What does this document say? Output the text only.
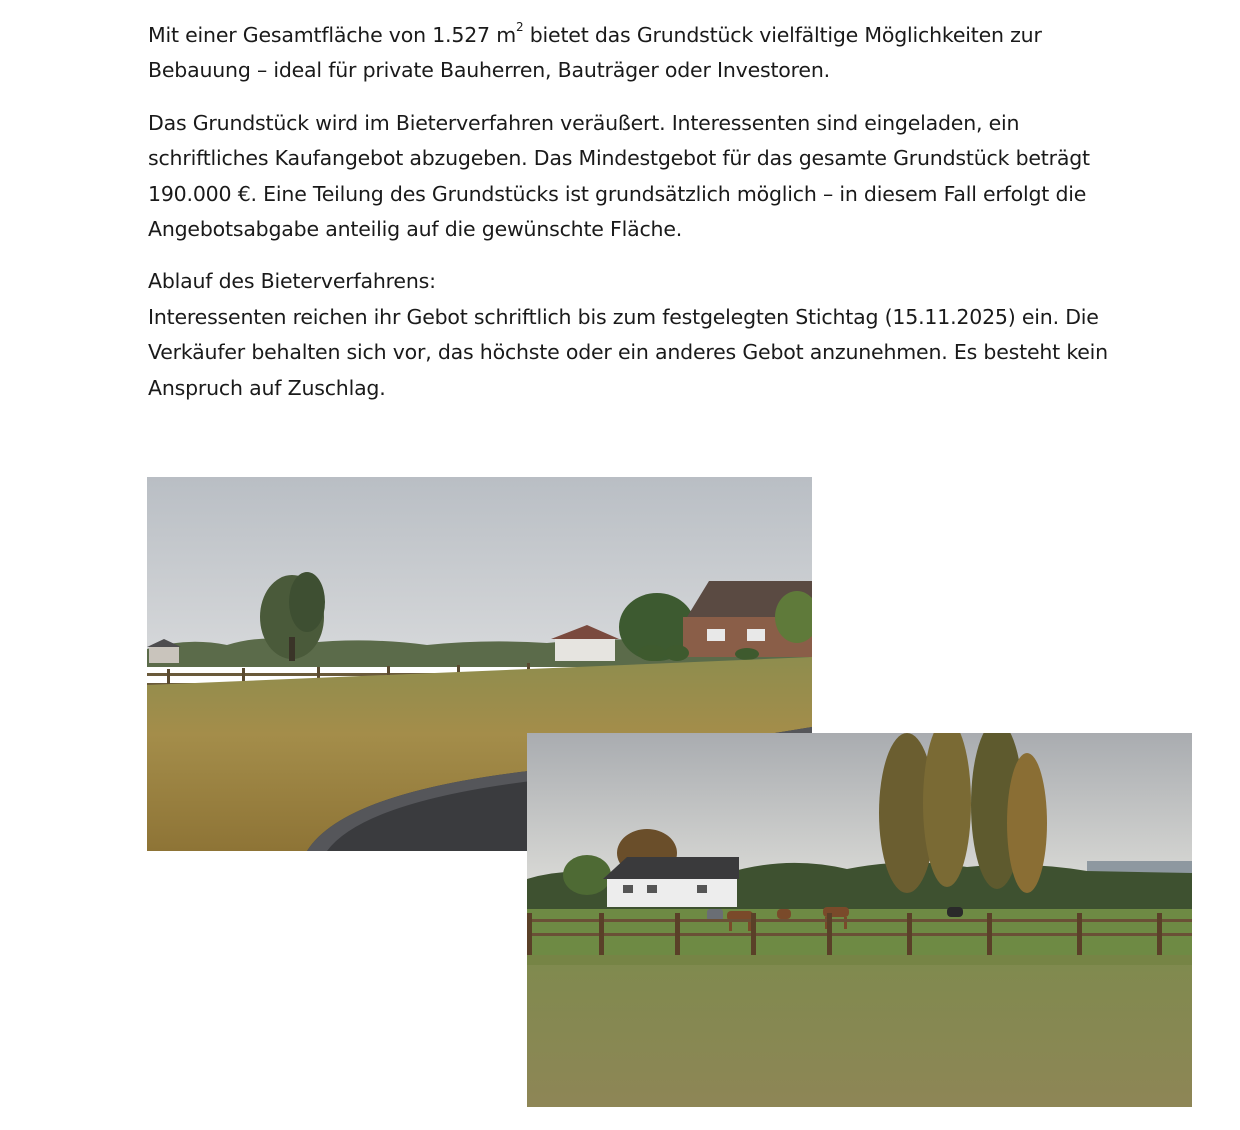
Mit einer Gesamtfläche von 1.527 $m^2$ bietet das Grundstück vielfältige Möglichkeiten zur Bebauung – ideal für private Bauherren, Bauträger oder Investoren.

Das Grundstück wird im Bieterverfahren veräußert. Interessenten sind eingeladen, ein schriftliches Kaufangebot abzugeben. Das Mindestgebot für das gesamte Grundstück beträgt 190.000 €. Eine Teilung des Grundstücks ist grundsätzlich möglich – in diesem Fall erfolgt die Angebotsabgabe anteilig auf die gewünschte Fläche.

Ablauf des Bieterverfahrens:
Interessenten reichen ihr Gebot schriftlich bis zum festgelegten Stichtag (15.11.2025) ein. Die Verkäufer behalten sich vor, das höchste oder ein anderes Gebot anzunehmen. Es besteht kein Anspruch auf Zuschlag.
